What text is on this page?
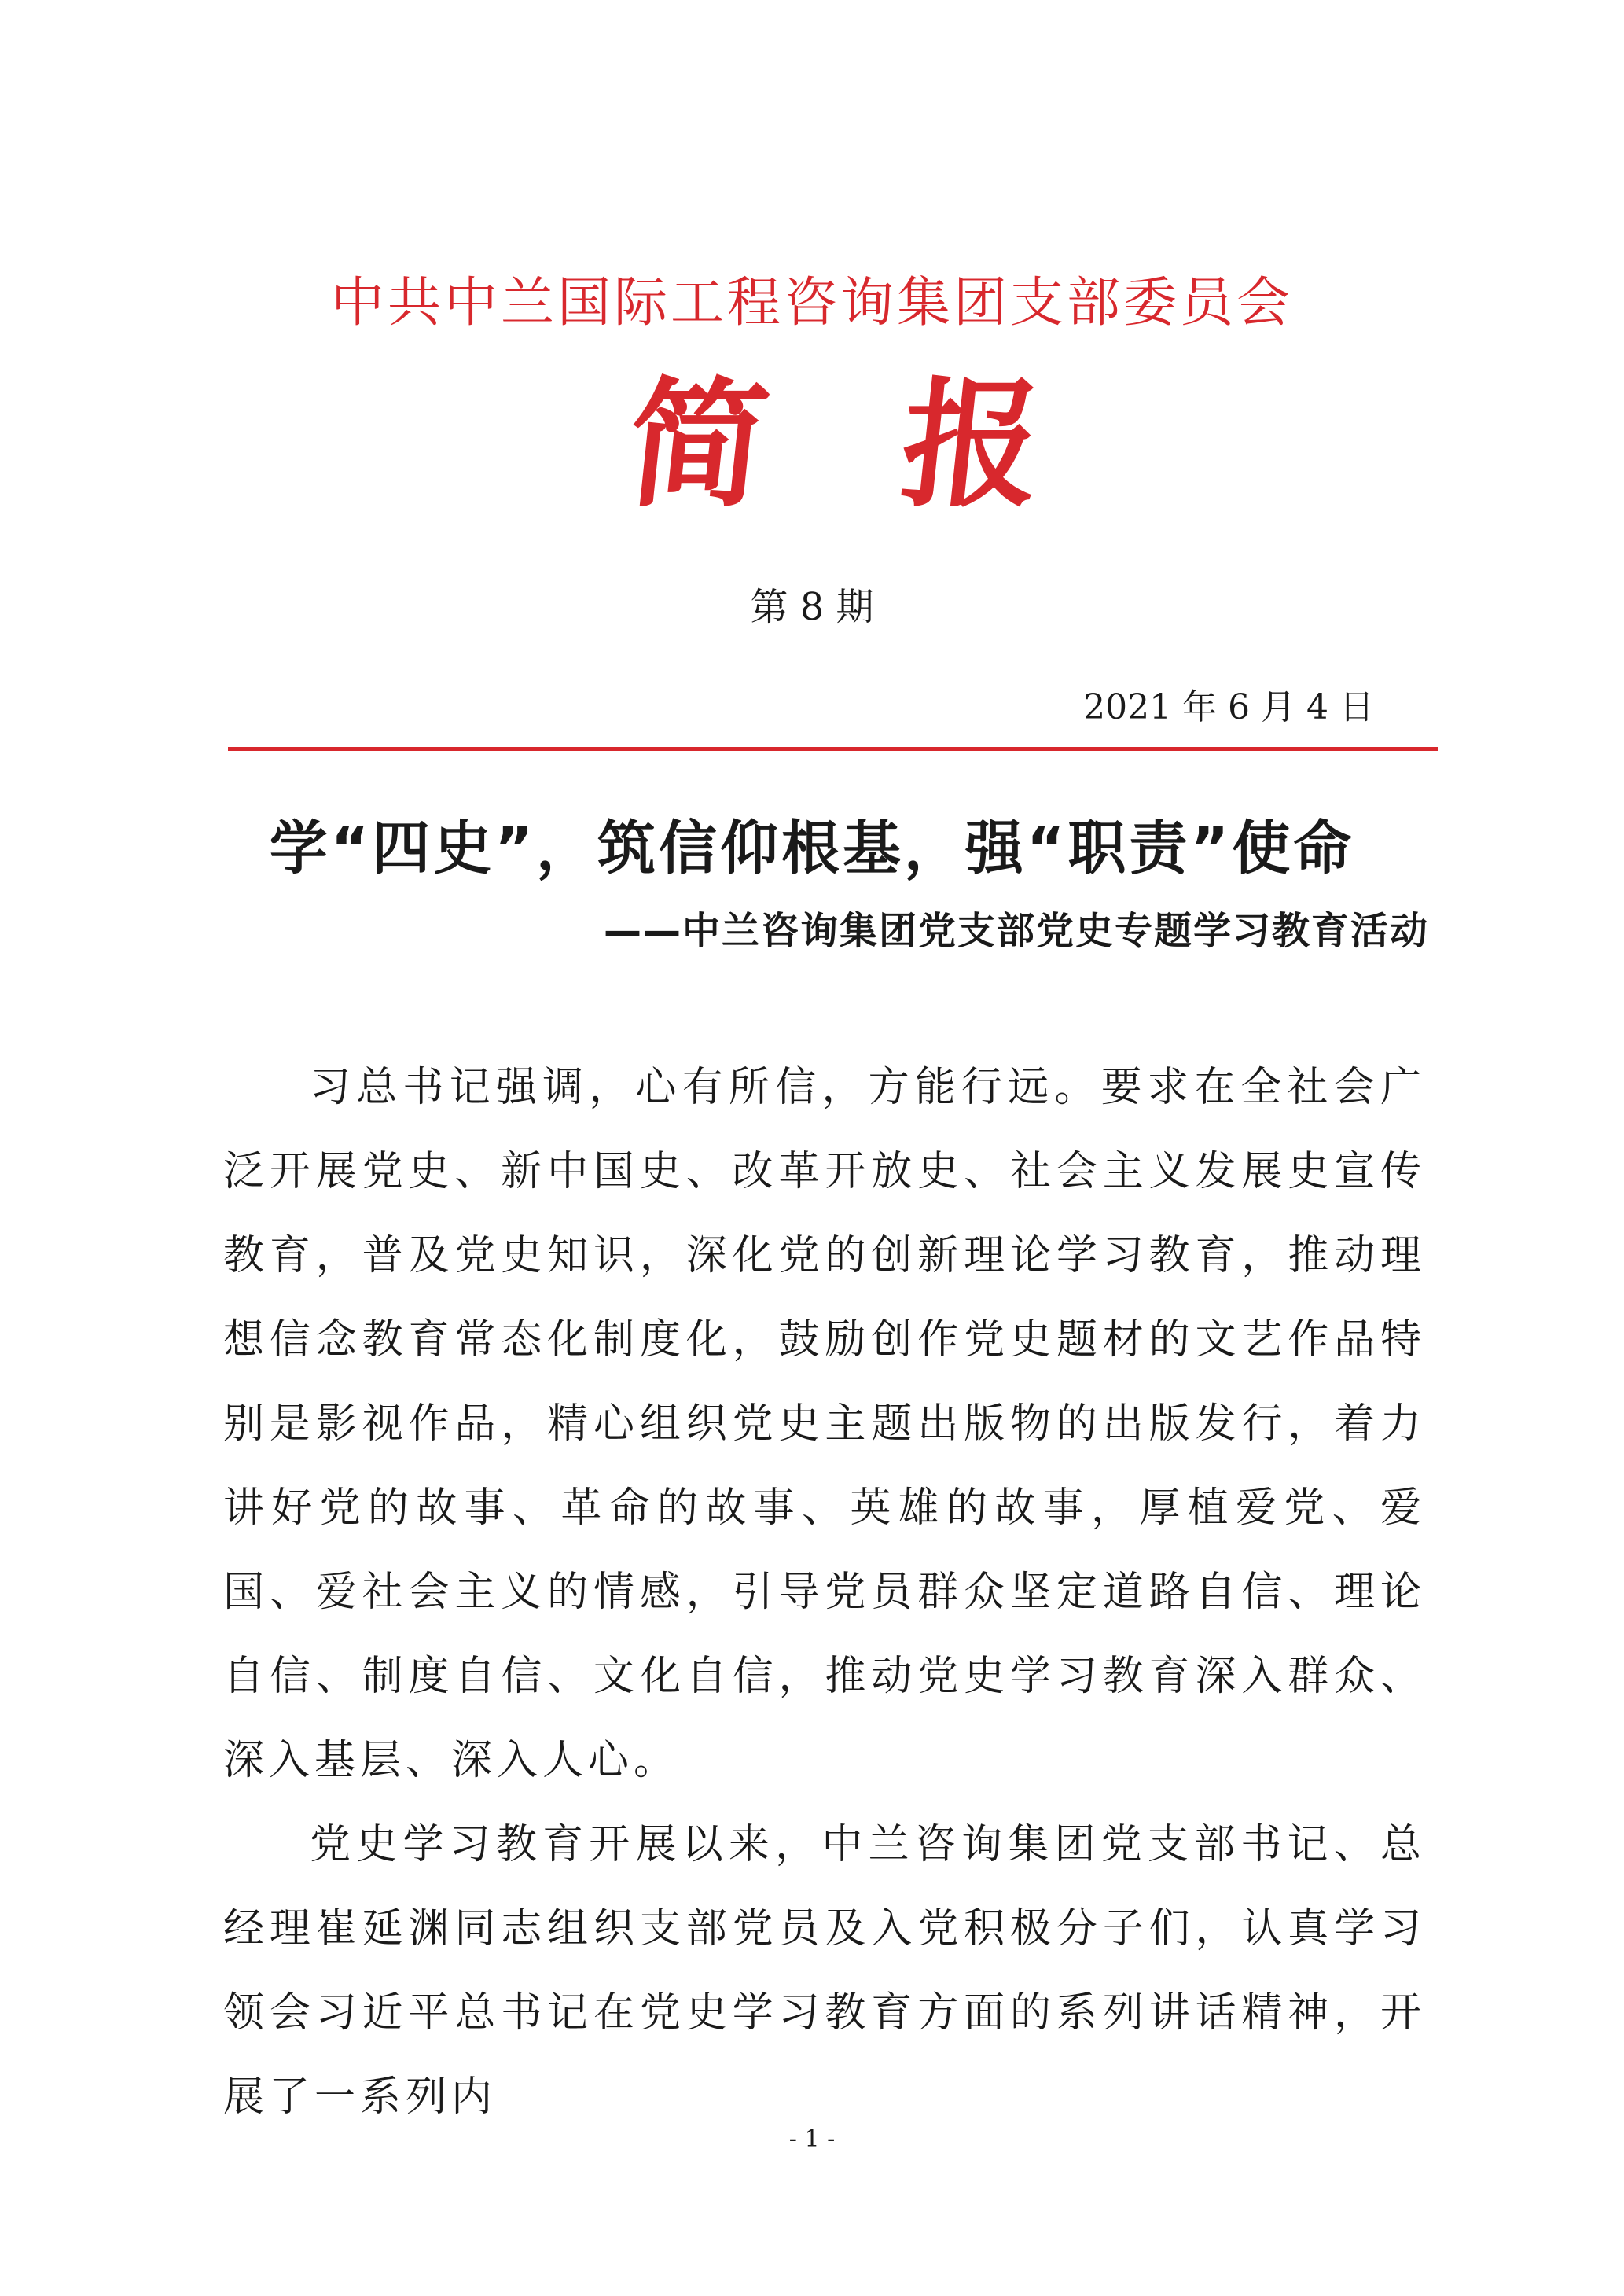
中共中兰国际工程咨询集团支部委员会
简 报
第 8 期
2021 年 6 月 4 日
学“四史”，筑信仰根基，强“职责”使命
——中兰咨询集团党支部党史专题学习教育活动

习总书记强调，心有所信，方能行远。要求在全社会广泛开展党史、新中国史、改革开放史、社会主义发展史宣传教育，普及党史知识，深化党的创新理论学习教育，推动理想信念教育常态化制度化，鼓励创作党史题材的文艺作品特别是影视作品，精心组织党史主题出版物的出版发行，着力讲好党的故事、革命的故事、英雄的故事，厚植爱党、爱国、爱社会主义的情感，引导党员群众坚定道路自信、理论自信、制度自信、文化自信，推动党史学习教育深入群众、深入基层、深入人心。

党史学习教育开展以来，中兰咨询集团党支部书记、总经理崔延渊同志组织支部党员及入党积极分子们，认真学习领会习近平总书记在党史学习教育方面的系列讲话精神，开展了一系列内

- 1 -
